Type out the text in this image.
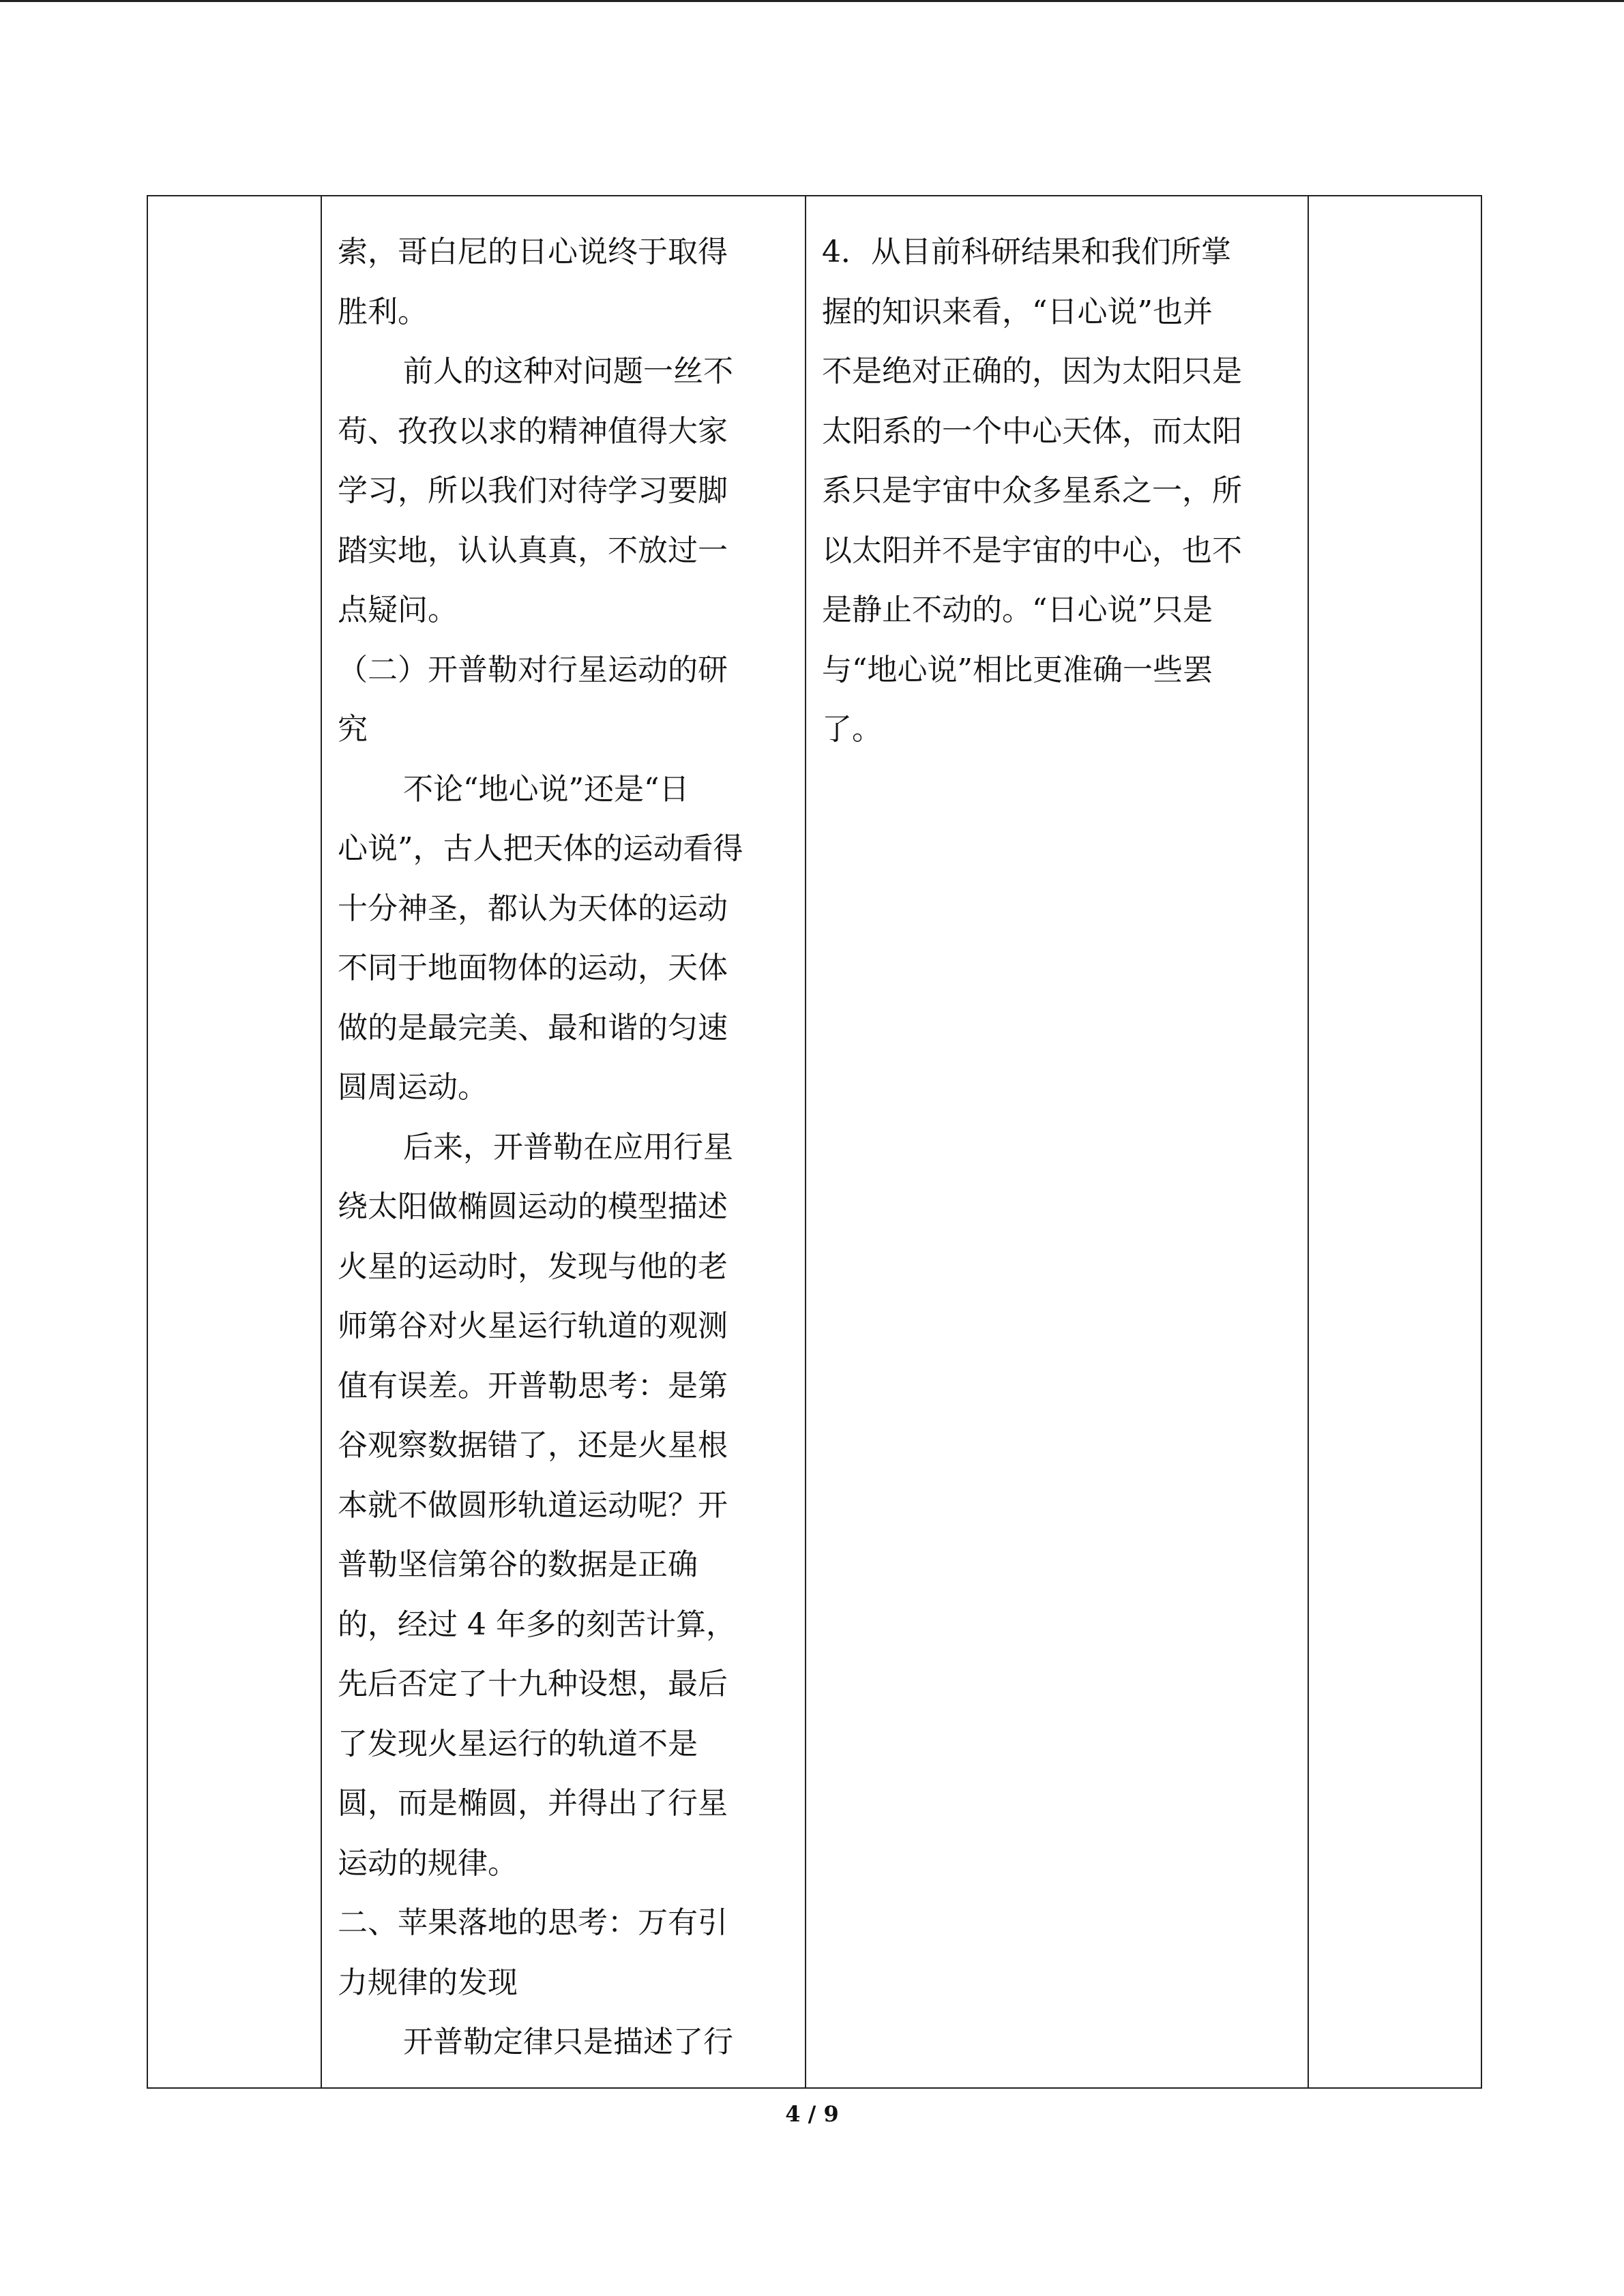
索，哥白尼的日心说终于取得

胜利。

前人的这种对问题一丝不

苟、孜孜以求的精神值得大家

学习，所以我们对待学习要脚

踏实地，认认真真，不放过一

点疑问。

（二）开普勒对行星运动的研

究

不论“地心说”还是“日

心说”，古人把天体的运动看得

十分神圣，都认为天体的运动

不同于地面物体的运动，天体

做的是最完美、最和谐的匀速

圆周运动。

后来，开普勒在应用行星

绕太阳做椭圆运动的模型描述

火星的运动时，发现与他的老

师第谷对火星运行轨道的观测

值有误差。开普勒思考：是第

谷观察数据错了，还是火星根

本就不做圆形轨道运动呢？开

普勒坚信第谷的数据是正确

的，经过 4 年多的刻苦计算，

先后否定了十九种设想，最后

了发现火星运行的轨道不是

圆，而是椭圆，并得出了行星

运动的规律。

二、苹果落地的思考：万有引

力规律的发现

开普勒定律只是描述了行

4．从目前科研结果和我们所掌

握的知识来看，“日心说”也并

不是绝对正确的，因为太阳只是

太阳系的一个中心天体，而太阳

系只是宇宙中众多星系之一，所

以太阳并不是宇宙的中心，也不

是静止不动的。“日心说”只是

与“地心说”相比更准确一些罢

了。

4 / 9
